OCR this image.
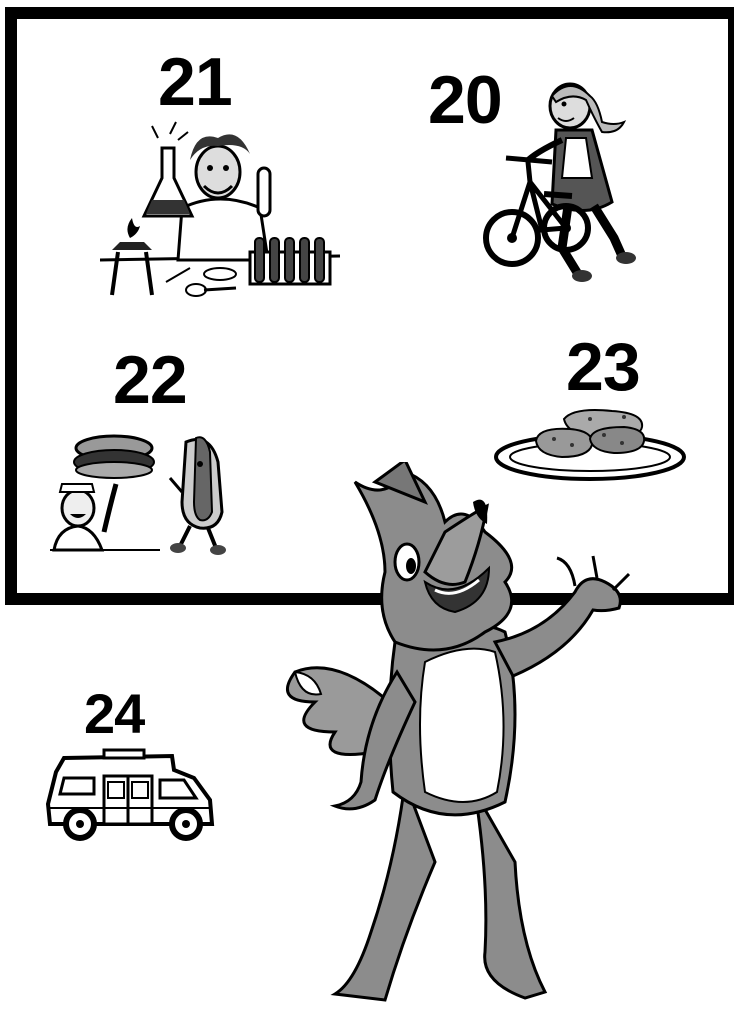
21	20
22	23
24
